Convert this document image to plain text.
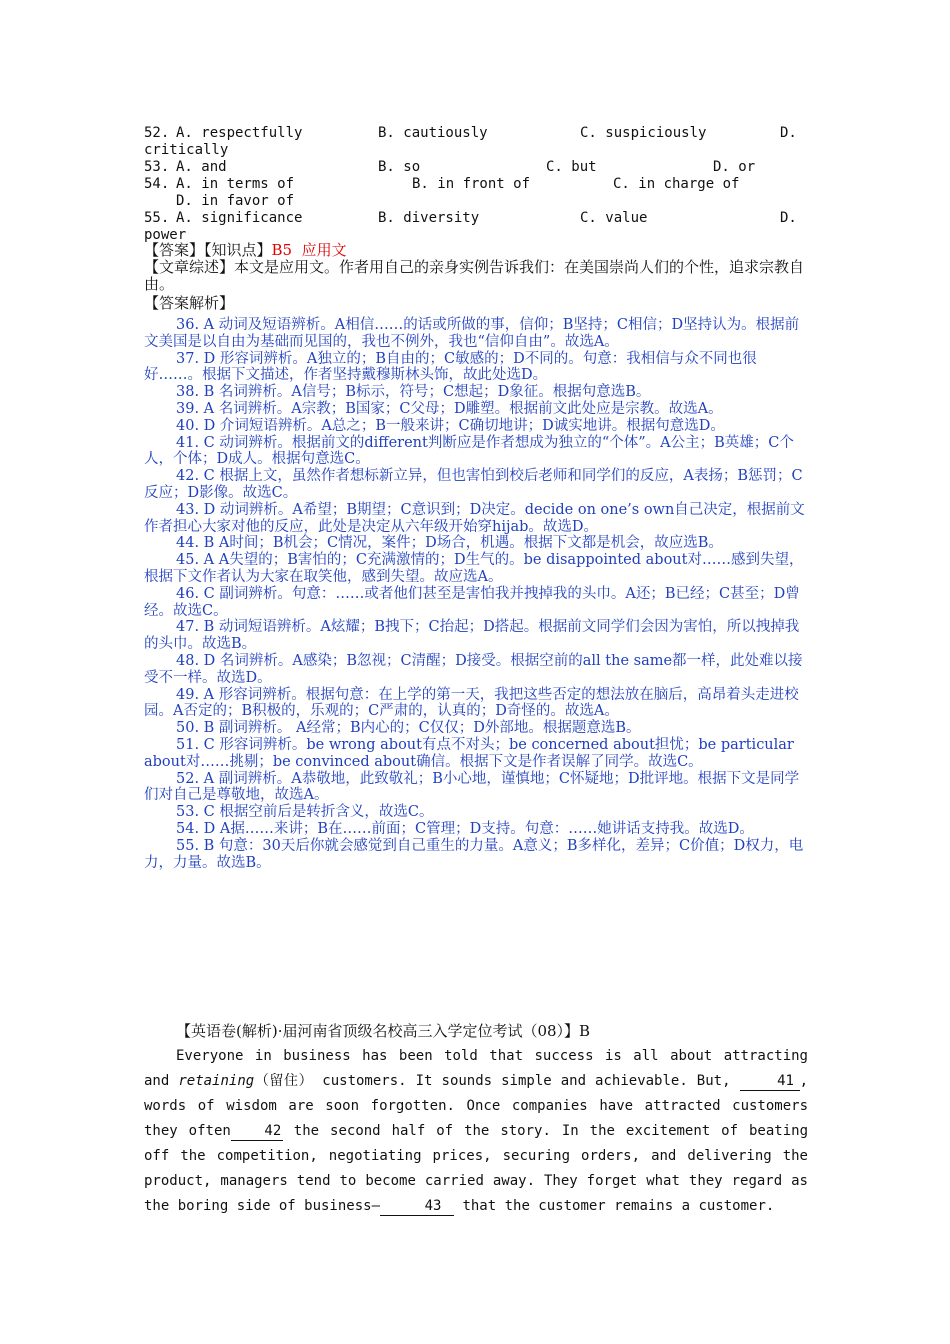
52. A. respectfully	B. cautiously	C. suspiciously	D.
critically
53. A. and	B. so	C. but	D. or
54. A. in terms of	B. in front of	C. in charge of
D. in favor of
55. A. significance	B. diversity	C. value	D.
power
【答案】【知识点】B5 应用文
【文章综述】本文是应用文。作者用自己的亲身实例告诉我们：在美国崇尚人们的个性，追求宗教自由。
【答案解析】
36. A 动词及短语辨析。A相信……的话或所做的事，信仰；B坚持；C相信；D坚持认为。根据前文美国是以自由为基础而见国的，我也不例外，我也“信仰自由”。故选A。
37. D 形容词辨析。A独立的；B自由的；C敏感的；D不同的。句意：我相信与众不同也很好……。根据下文描述，作者坚持戴穆斯林头饰，故此处选D。
38. B 名词辨析。A信号；B标示，符号；C想起；D象征。根据句意选B。
39. A 名词辨析。A宗教；B国家；C父母；D雕塑。根据前文此处应是宗教。故选A。
40. D 介词短语辨析。A总之；B一般来讲；C确切地讲；D诚实地讲。根据句意选D。
41. C 动词辨析。根据前文的different判断应是作者想成为独立的“个体”。A公主；B英雄；C个人，个体；D成人。根据句意选C。
42. C 根据上文，虽然作者想标新立异，但也害怕到校后老师和同学们的反应，A表扬；B惩罚；C反应；D影像。故选C。
43. D 动词辨析。A希望；B期望；C意识到；D决定。decide on one’s own自己决定，根据前文作者担心大家对他的反应，此处是决定从六年级开始穿hijab。故选D。
44. B A时间；B机会；C情况，案件；D场合，机遇。根据下文都是机会，故应选B。
45. A A失望的；B害怕的；C充满激情的；D生气的。be disappointed about对……感到失望，根据下文作者认为大家在取笑他，感到失望。故应选A。
46. C 副词辨析。句意：……或者他们甚至是害怕我并拽掉我的头巾。A还；B已经；C甚至；D曾经。故选C。
47. B 动词短语辨析。A炫耀；B拽下；C抬起；D搭起。根据前文同学们会因为害怕，所以拽掉我的头巾。故选B。
48. D 名词辨析。A感染；B忽视；C清醒；D接受。根据空前的all the same都一样，此处难以接受不一样。故选D。
49. A 形容词辨析。根据句意：在上学的第一天，我把这些否定的想法放在脑后，高昂着头走进校园。A否定的；B积极的，乐观的；C严肃的，认真的；D奇怪的。故选A。
50. B 副词辨析。 A经常；B内心的；C仅仅；D外部地。根据题意选B。
51. C 形容词辨析。be wrong about有点不对头；be concerned about担忧；be particular about对……挑剔；be convinced about确信。根据下文是作者误解了同学。故选C。
52. A 副词辨析。A恭敬地，此致敬礼；B小心地，谨慎地；C怀疑地；D批评地。根据下文是同学们对自己是尊敬地，故选A。
53. C 根据空前后是转折含义，故选C。
54. D A据……来讲；B在……前面；C管理；D支持。句意：……她讲话支持我。故选D。
55. B 句意：30天后你就会感觉到自己重生的力量。A意义；B多样化，差异；C价值；D权力，电力，力量。故选B。
【英语卷(解析)·届河南省顶级名校高三入学定位考试（08）】B
Everyone in business has been told that success is all about attracting and retaining（留住） customers. It sounds simple and achievable. But,	41 , words of wisdom are soon forgotten. Once companies have attracted customers they often 42 the second half of the story. In the excitement of beating off the competition, negotiating prices, securing orders, and delivering the product, managers tend to become carried away. They forget what they regard as the boring side of business—	43 that the customer remains a customer.
